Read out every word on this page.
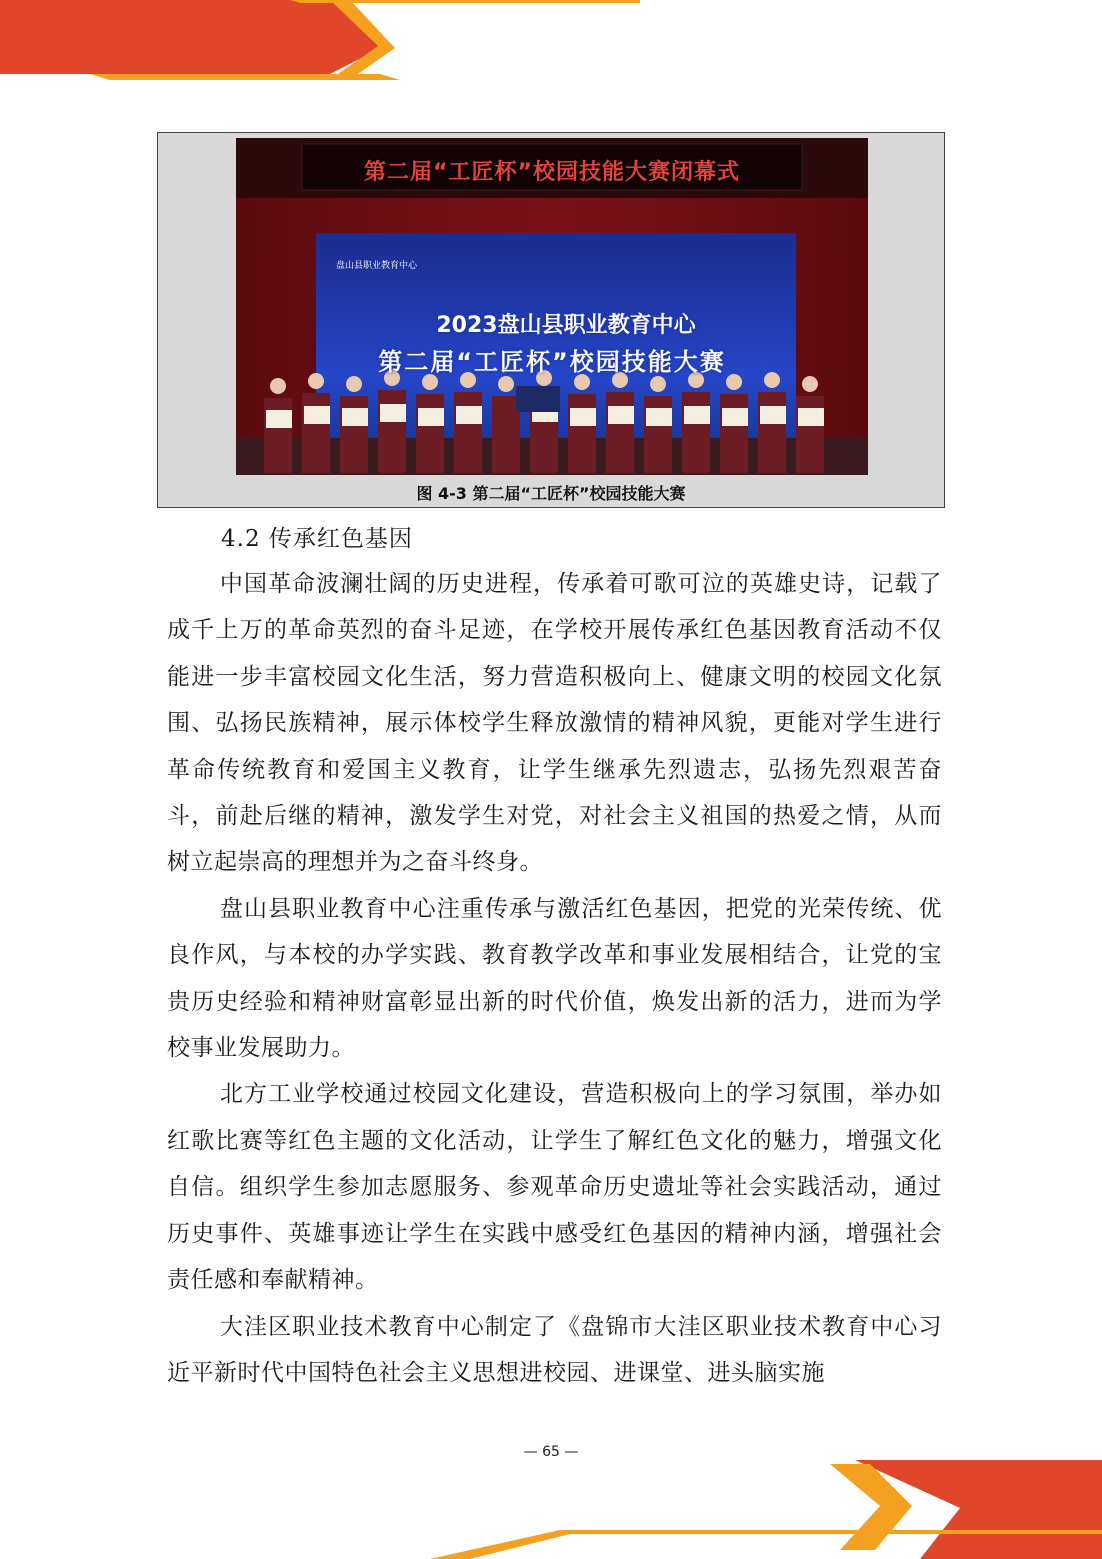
第二届“工匠杯”校园技能大赛闭幕式
盘山县职业教育中心
2023盘山县职业教育中心
第二届“工匠杯”校园技能大赛
图 4-3 第二届“工匠杯”校园技能大赛
4.2 传承红色基因

中国革命波澜壮阔的历史进程，传承着可歌可泣的英雄史诗，记载了成千上万的革命英烈的奋斗足迹，在学校开展传承红色基因教育活动不仅能进一步丰富校园文化生活，努力营造积极向上、健康文明的校园文化氛围、弘扬民族精神，展示体校学生释放激情的精神风貌，更能对学生进行革命传统教育和爱国主义教育，让学生继承先烈遗志，弘扬先烈艰苦奋斗，前赴后继的精神，激发学生对党，对社会主义祖国的热爱之情，从而树立起崇高的理想并为之奋斗终身。

盘山县职业教育中心注重传承与激活红色基因，把党的光荣传统、优良作风，与本校的办学实践、教育教学改革和事业发展相结合，让党的宝贵历史经验和精神财富彰显出新的时代价值，焕发出新的活力，进而为学校事业发展助力。

北方工业学校通过校园文化建设，营造积极向上的学习氛围，举办如红歌比赛等红色主题的文化活动，让学生了解红色文化的魅力，增强文化自信。组织学生参加志愿服务、参观革命历史遗址等社会实践活动，通过历史事件、英雄事迹让学生在实践中感受红色基因的精神内涵，增强社会责任感和奉献精神。

大洼区职业技术教育中心制定了《盘锦市大洼区职业技术教育中心习近平新时代中国特色社会主义思想进校园、进课堂、进头脑实施

— 65 —
